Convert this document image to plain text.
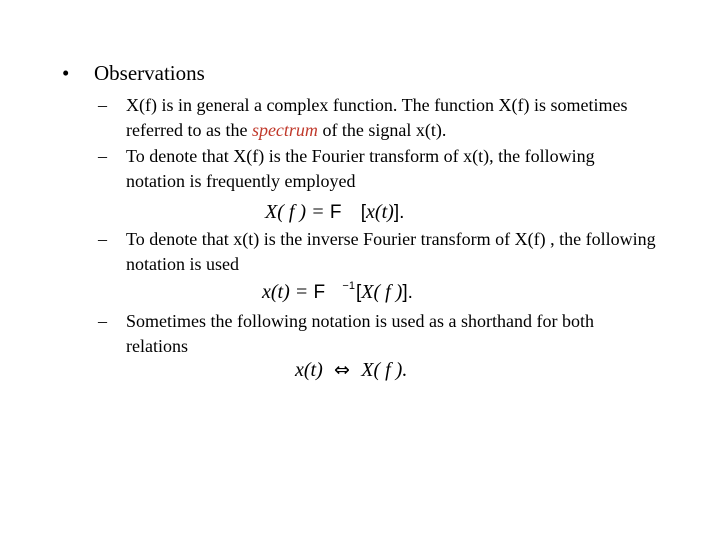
• Observations
– X(f) is in general a complex function. The function X(f) is sometimes referred to as the spectrum of the signal x(t).
– To denote that X(f) is the Fourier transform of x(t), the following notation is frequently employed
X( f ) = F [x(t)].
– To denote that x(t) is the inverse Fourier transform of X(f) , the following notation is used
x(t) = F $^{-1}$[X( f )].
– Sometimes the following notation is used as a shorthand for both relations
x(t) ⇔ X( f ).
